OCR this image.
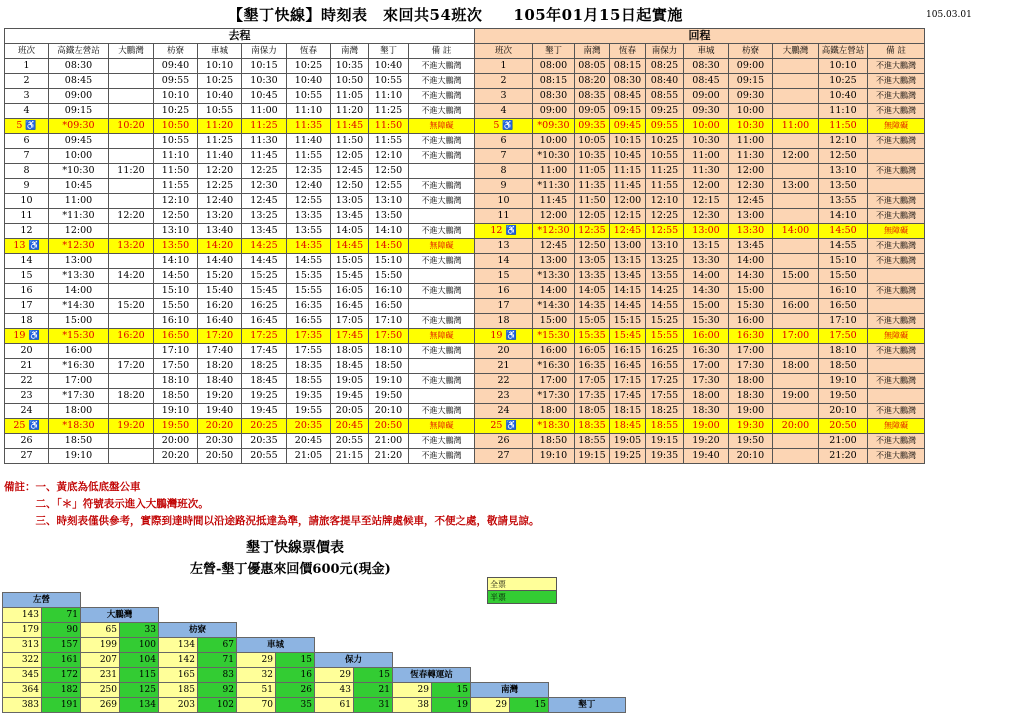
【墾丁快線】時刻表　來回共54班次　　105年01月15日起實施	105.03.01
去程										回程									
班次	高鐵左營站	大鵬灣	枋寮	車城	南保力	恆春	南灣	墾丁	備 註	班次	墾丁	南灣	恆春	南保力	車城	枋寮	大鵬灣	高鐵左營站	備 註
1	08:30		09:40	10:10	10:15	10:25	10:35	10:40	不進大鵬灣	1	08:00	08:05	08:15	08:25	08:30	09:00		10:10	不進大鵬灣
2	08:45		09:55	10:25	10:30	10:40	10:50	10:55	不進大鵬灣	2	08:15	08:20	08:30	08:40	08:45	09:15		10:25	不進大鵬灣
3	09:00		10:10	10:40	10:45	10:55	11:05	11:10	不進大鵬灣	3	08:30	08:35	08:45	08:55	09:00	09:30		10:40	不進大鵬灣
4	09:15		10:25	10:55	11:00	11:10	11:20	11:25	不進大鵬灣	4	09:00	09:05	09:15	09:25	09:30	10:00		11:10	不進大鵬灣
5 ♿	*09:30	10:20	10:50	11:20	11:25	11:35	11:45	11:50	無障礙	5 ♿	*09:30	09:35	09:45	09:55	10:00	10:30	11:00	11:50	無障礙
6	09:45		10:55	11:25	11:30	11:40	11:50	11:55	不進大鵬灣	6	10:00	10:05	10:15	10:25	10:30	11:00		12:10	不進大鵬灣
7	10:00		11:10	11:40	11:45	11:55	12:05	12:10	不進大鵬灣	7	*10:30	10:35	10:45	10:55	11:00	11:30	12:00	12:50	
8	*10:30	11:20	11:50	12:20	12:25	12:35	12:45	12:50		8	11:00	11:05	11:15	11:25	11:30	12:00		13:10	不進大鵬灣
9	10:45		11:55	12:25	12:30	12:40	12:50	12:55	不進大鵬灣	9	*11:30	11:35	11:45	11:55	12:00	12:30	13:00	13:50	
10	11:00		12:10	12:40	12:45	12:55	13:05	13:10	不進大鵬灣	10	11:45	11:50	12:00	12:10	12:15	12:45		13:55	不進大鵬灣
11	*11:30	12:20	12:50	13:20	13:25	13:35	13:45	13:50		11	12:00	12:05	12:15	12:25	12:30	13:00		14:10	不進大鵬灣
12	12:00		13:10	13:40	13:45	13:55	14:05	14:10	不進大鵬灣	12 ♿	*12:30	12:35	12:45	12:55	13:00	13:30	14:00	14:50	無障礙
13 ♿	*12:30	13:20	13:50	14:20	14:25	14:35	14:45	14:50	無障礙	13	12:45	12:50	13:00	13:10	13:15	13:45		14:55	不進大鵬灣
14	13:00		14:10	14:40	14:45	14:55	15:05	15:10	不進大鵬灣	14	13:00	13:05	13:15	13:25	13:30	14:00		15:10	不進大鵬灣
15	*13:30	14:20	14:50	15:20	15:25	15:35	15:45	15:50		15	*13:30	13:35	13:45	13:55	14:00	14:30	15:00	15:50	
16	14:00		15:10	15:40	15:45	15:55	16:05	16:10	不進大鵬灣	16	14:00	14:05	14:15	14:25	14:30	15:00		16:10	不進大鵬灣
17	*14:30	15:20	15:50	16:20	16:25	16:35	16:45	16:50		17	*14:30	14:35	14:45	14:55	15:00	15:30	16:00	16:50	
18	15:00		16:10	16:40	16:45	16:55	17:05	17:10	不進大鵬灣	18	15:00	15:05	15:15	15:25	15:30	16:00		17:10	不進大鵬灣
19 ♿	*15:30	16:20	16:50	17:20	17:25	17:35	17:45	17:50	無障礙	19 ♿	*15:30	15:35	15:45	15:55	16:00	16:30	17:00	17:50	無障礙
20	16:00		17:10	17:40	17:45	17:55	18:05	18:10	不進大鵬灣	20	16:00	16:05	16:15	16:25	16:30	17:00		18:10	不進大鵬灣
21	*16:30	17:20	17:50	18:20	18:25	18:35	18:45	18:50		21	*16:30	16:35	16:45	16:55	17:00	17:30	18:00	18:50	
22	17:00		18:10	18:40	18:45	18:55	19:05	19:10	不進大鵬灣	22	17:00	17:05	17:15	17:25	17:30	18:00		19:10	不進大鵬灣
23	*17:30	18:20	18:50	19:20	19:25	19:35	19:45	19:50		23	*17:30	17:35	17:45	17:55	18:00	18:30	19:00	19:50	
24	18:00		19:10	19:40	19:45	19:55	20:05	20:10	不進大鵬灣	24	18:00	18:05	18:15	18:25	18:30	19:00		20:10	不進大鵬灣
25 ♿	*18:30	19:20	19:50	20:20	20:25	20:35	20:45	20:50	無障礙	25 ♿	*18:30	18:35	18:45	18:55	19:00	19:30	20:00	20:50	無障礙
26	18:50		20:00	20:30	20:35	20:45	20:55	21:00	不進大鵬灣	26	18:50	18:55	19:05	19:15	19:20	19:50		21:00	不進大鵬灣
27	19:10		20:20	20:50	20:55	21:05	21:15	21:20	不進大鵬灣	27	19:10	19:15	19:25	19:35	19:40	20:10		21:20	不進大鵬灣
備註：一、黃底為低底盤公車
　　　二、「＊」符號表示進入大鵬灣班次。
　　　三、時刻表僅供參考，實際到達時間以沿途路況抵達為準，請旅客提早至站牌處候車，不便之處，敬請見諒。
墾丁快線票價表
左營-墾丁優惠來回價600元(現金)
全票
半票
左營															
143	71	大鵬灣													
179	90	65	33	枋寮											
313	157	199	100	134	67	車城									
322	161	207	104	142	71	29	15	保力							
345	172	231	115	165	83	32	16	29	15	恆春轉運站					
364	182	250	125	185	92	51	26	43	21	29	15	南灣			
383	191	269	134	203	102	70	35	61	31	38	19	29	15	墾丁	
